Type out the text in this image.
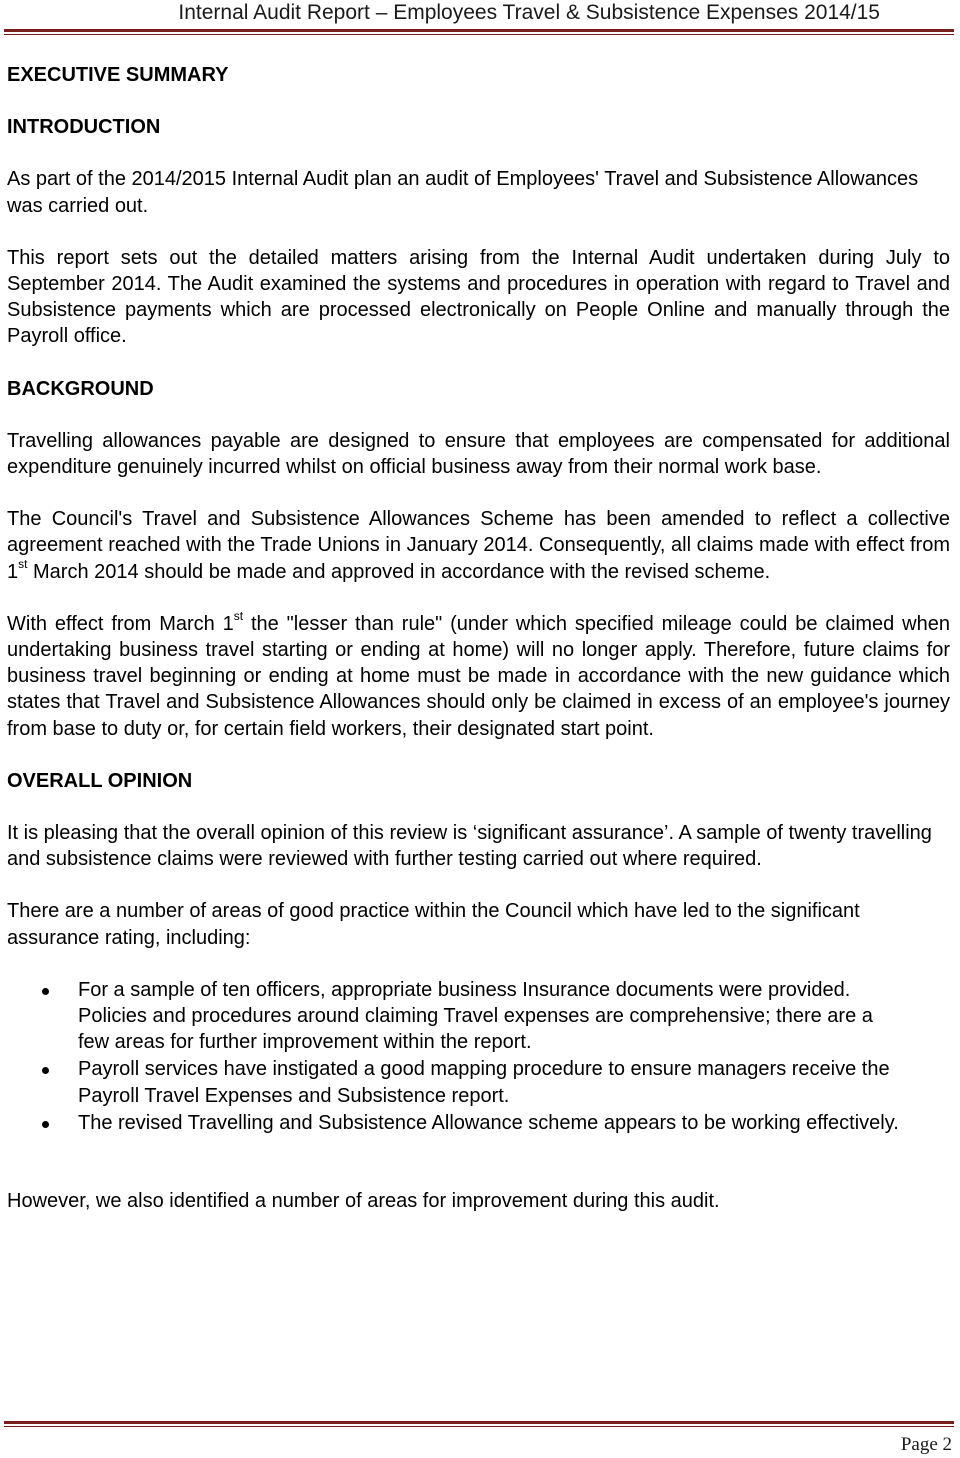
Internal Audit Report – Employees Travel & Subsistence Expenses 2014/15
EXECUTIVE SUMMARY
INTRODUCTION

As part of the 2014/2015 Internal Audit plan an audit of Employees' Travel and Subsistence Allowances was carried out.

This report sets out the detailed matters arising from the Internal Audit undertaken during July to September 2014. The Audit examined the systems and procedures in operation with regard to Travel and Subsistence payments which are processed electronically on People Online and manually through the Payroll office.

BACKGROUND

Travelling allowances payable are designed to ensure that employees are compensated for additional expenditure genuinely incurred whilst on official business away from their normal work base.

The Council's Travel and Subsistence Allowances Scheme has been amended to reflect a collective agreement reached with the Trade Unions in January 2014. Consequently, all claims made with effect from 1st March 2014 should be made and approved in accordance with the revised scheme.

With effect from March 1st the "lesser than rule" (under which specified mileage could be claimed when undertaking business travel starting or ending at home) will no longer apply. Therefore, future claims for business travel beginning or ending at home must be made in accordance with the new guidance which states that Travel and Subsistence Allowances should only be claimed in excess of an employee's journey from base to duty or, for certain field workers, their designated start point.

OVERALL OPINION

It is pleasing that the overall opinion of this review is ‘significant assurance’. A sample of twenty travelling and subsistence claims were reviewed with further testing carried out where required.

There are a number of areas of good practice within the Council which have led to the significant assurance rating, including:

For a sample of ten officers, appropriate business Insurance documents were provided. Policies and procedures around claiming Travel expenses are comprehensive; there are a few areas for further improvement within the report.
Payroll services have instigated a good mapping procedure to ensure managers receive the Payroll Travel Expenses and Subsistence report.
The revised Travelling and Subsistence Allowance scheme appears to be working effectively.

However, we also identified a number of areas for improvement during this audit.

Page 2
